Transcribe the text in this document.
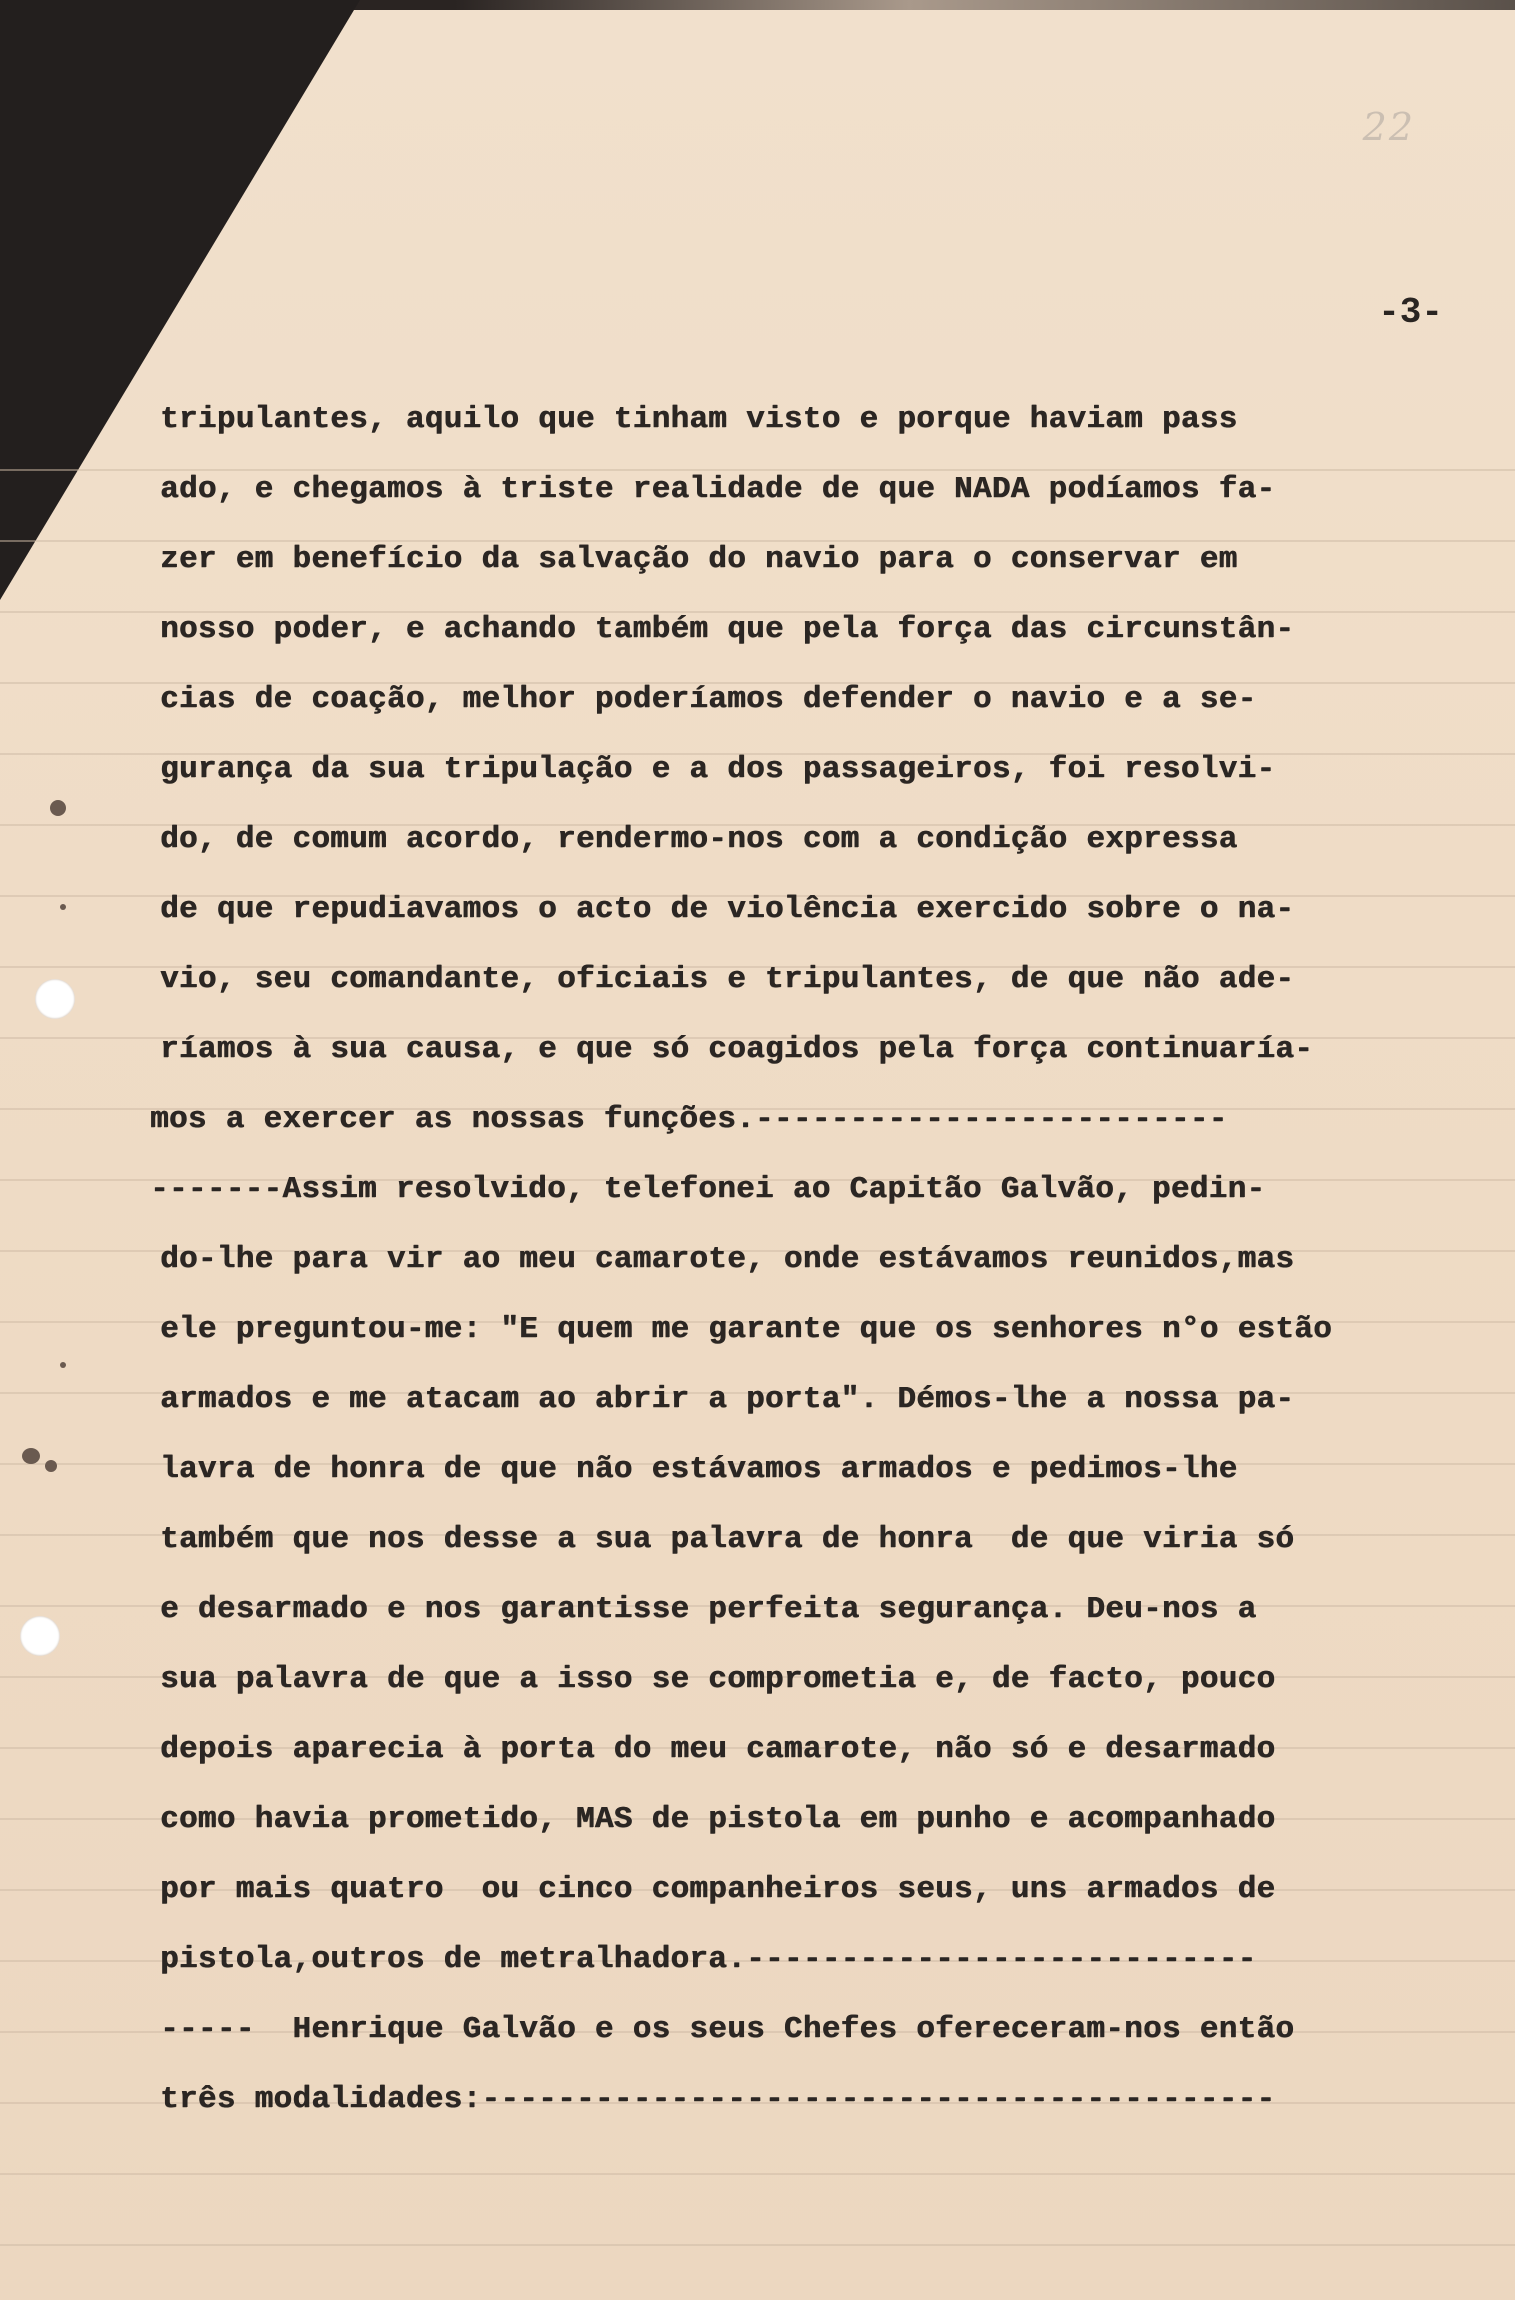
22
-3-
tripulantes, aquilo que tinham visto e porque haviam pass
ado, e chegamos à triste realidade de que NADA podíamos fa-
zer em benefício da salvação do navio para o conservar em
nosso poder, e achando também que pela força das circunstân-
cias de coação, melhor poderíamos defender o navio e a se-
gurança da sua tripulação e a dos passageiros, foi resolvi-
do, de comum acordo, rendermo-nos com a condição expressa
de que repudiavamos o acto de violência exercido sobre o na-
vio, seu comandante, oficiais e tripulantes, de que não ade-
ríamos à sua causa, e que só coagidos pela força continuaría-
mos a exercer as nossas funções.-------------------------
-------Assim resolvido, telefonei ao Capitão Galvão, pedin-
do-lhe para vir ao meu camarote, onde estávamos reunidos,mas
ele preguntou-me: "E quem me garante que os senhores n°o estão
armados e me atacam ao abrir a porta". Démos-lhe a nossa pa-
lavra de honra de que não estávamos armados e pedimos-lhe
também que nos desse a sua palavra de honra  de que viria só
e desarmado e nos garantisse perfeita segurança. Deu-nos a
sua palavra de que a isso se comprometia e, de facto, pouco
depois aparecia à porta do meu camarote, não só e desarmado
como havia prometido, MAS de pistola em punho e acompanhado
por mais quatro  ou cinco companheiros seus, uns armados de
pistola,outros de metralhadora.---------------------------
-----  Henrique Galvão e os seus Chefes ofereceram-nos então
três modalidades:------------------------------------------
